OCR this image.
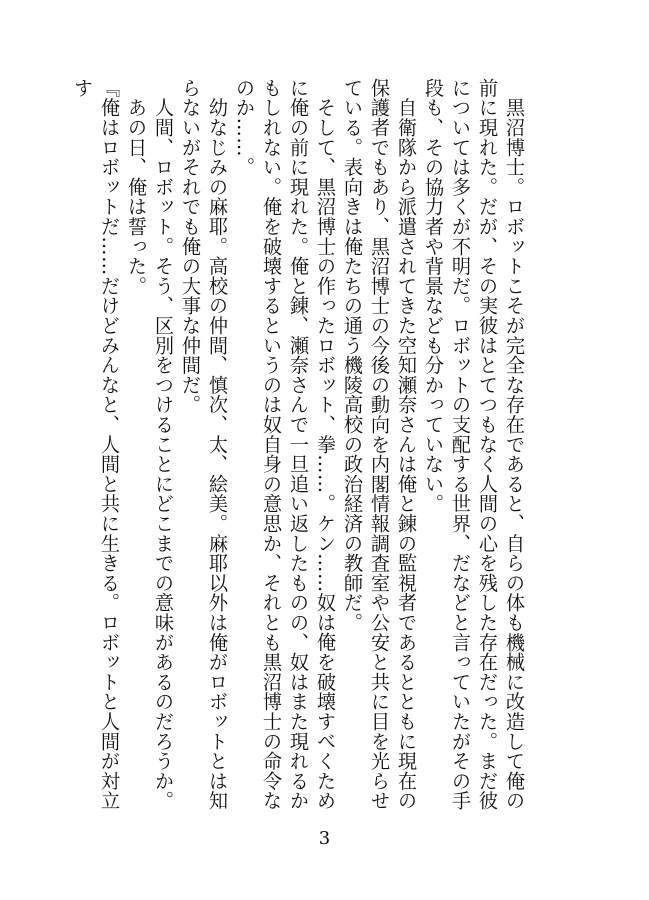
　黒沼博士。ロボットこそが完全な存在であると、自らの体も機械に改造して俺の前に現れた。だが、その実彼はとてつもなく人間の心を残した存在だった。まだ彼については多くが不明だ。ロボットの支配する世界、だなどと言っていたがその手段も、その協力者や背景なども分かっていない。

　自衛隊から派遣されてきた空知瀬奈さんは俺と錬の監視者であるとともに現在の保護者でもあり、黒沼博士の今後の動向を内閣情報調査室や公安と共に目を光らせている。表向きは俺たちの通う機陵高校の政治経済の教師だ。

　そして、黒沼博士の作ったロボット、拳……。ケン……奴は俺を破壊すべくために俺の前に現れた。俺と錬、瀬奈さんで一旦追い返したものの、奴はまた現れるかもしれない。俺を破壊するというのは奴自身の意思か、それとも黒沼博士の命令なのか……。

　幼なじみの麻耶。高校の仲間、慎次、太、絵美。麻耶以外は俺がロボットとは知らないがそれでも俺の大事な仲間だ。

　人間、ロボット。そう、区別をつけることにどこまでの意味があるのだろうか。

　あの日、俺は誓った。

『俺はロボットだ……だけどみんなと、人間と共に生きる。ロボットと人間が対立す

3
